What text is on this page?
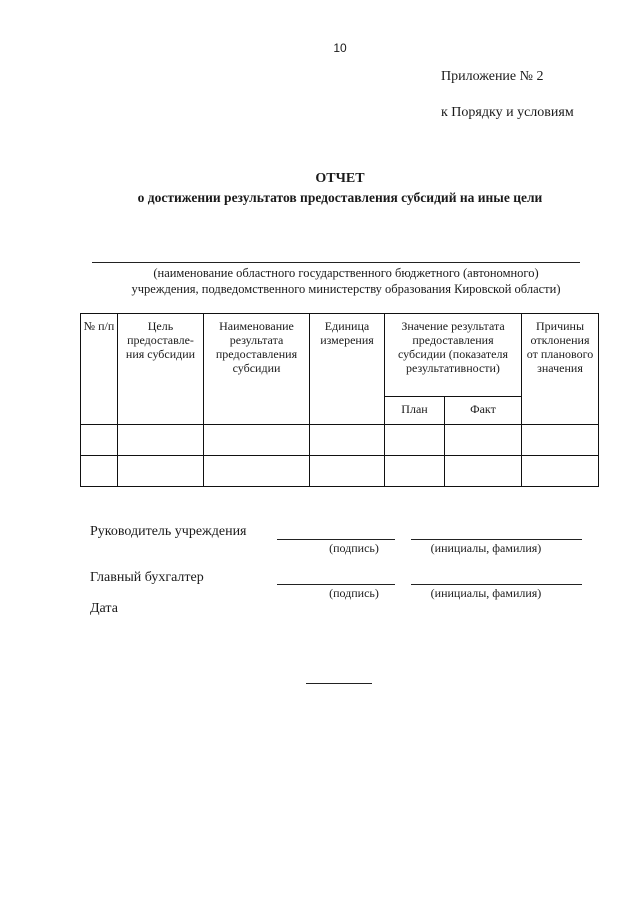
10
Приложение № 2
к Порядку и условиям
ОТЧЕТ
о достижении результатов предоставления субсидий на иные цели
(наименование областного государственного бюджетного (автономного)
учреждения, подведомственного министерству образования Кировской области)
№ п/п	Цель предоставле-ния субсидии	Наименование результата предоставления субсидии	Единица измерения	Значение результата предоставления субсидии (показателя результативности)		Причины отклонения от планового значения
				План	Факт	

Руководитель учреждения
(подпись)	(инициалы, фамилия)
Главный бухгалтер
(подпись)	(инициалы, фамилия)
Дата
